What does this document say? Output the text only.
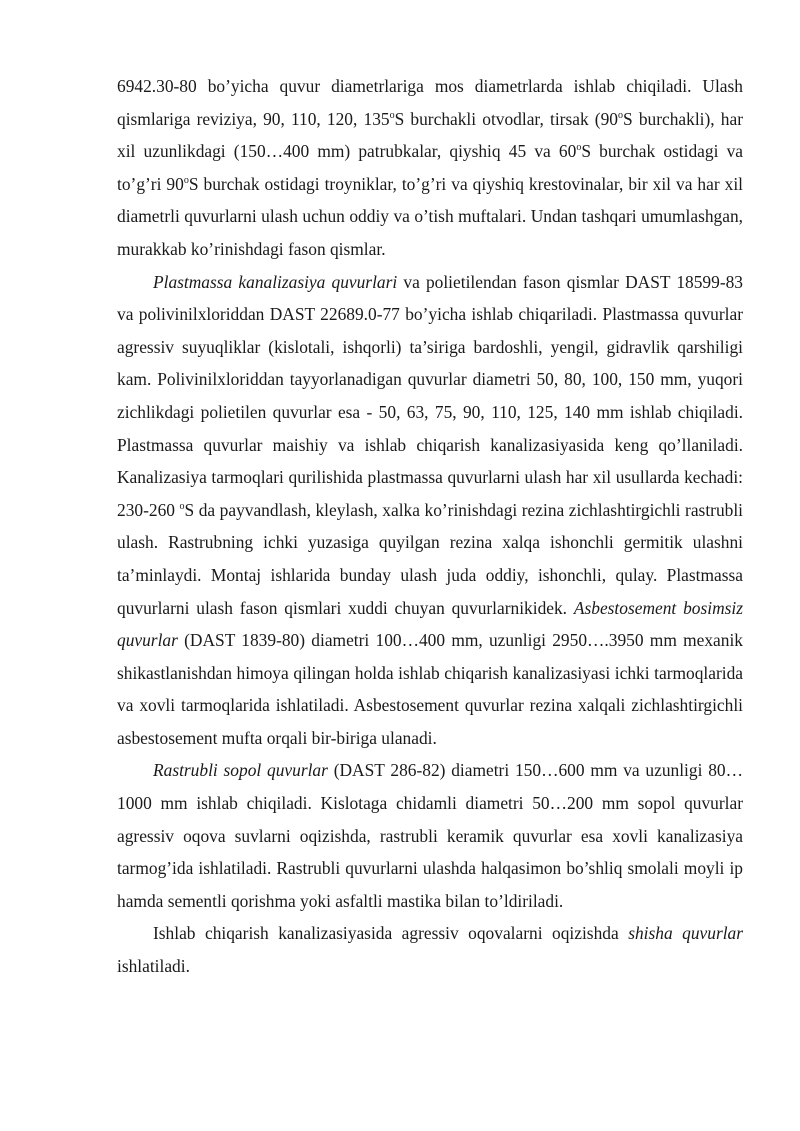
6942.30-80 bo’yicha quvur diametrlariga mos diametrlarda ishlab chiqiladi. Ulash qismlariga reviziya, 90, 110, 120, 135$^o$S burchakli otvodlar, tirsak (90$^o$S burchakli), har xil uzunlikdagi (150…400 mm) patrubkalar, qiyshiq 45 va 60$^o$S burchak ostidagi va to’g’ri 90$^o$S burchak ostidagi troyniklar, to’g’ri va qiyshiq krestovinalar, bir xil va har xil diametrli quvurlarni ulash uchun oddiy va o’tish muftalari. Undan tashqari umumlashgan, murakkab ko’rinishdagi fason qismlar.

Plastmassa kanalizasiya quvurlari va polietilendan fason qismlar DAST 18599-83 va polivinilxloriddan DAST 22689.0-77 bo’yicha ishlab chiqariladi. Plastmassa quvurlar agressiv suyuqliklar (kislotali, ishqorli) ta’siriga bardoshli, yengil, gidravlik qarshiligi kam. Polivinilxloriddan tayyorlanadigan quvurlar diametri 50, 80, 100, 150 mm, yuqori zichlikdagi polietilen quvurlar esa - 50, 63, 75, 90, 110, 125, 140 mm ishlab chiqiladi. Plastmassa quvurlar maishiy va ishlab chiqarish kanalizasiyasida keng qo’llaniladi. Kanalizasiya tarmoqlari qurilishida plastmassa quvurlarni ulash har xil usullarda kechadi: 230-260 $^o$S da payvandlash, kleylash, xalka ko’rinishdagi rezina zichlashtirgichli rastrubli ulash. Rastrubning ichki yuzasiga quyilgan rezina xalqa ishonchli germitik ulashni ta’minlaydi. Montaj ishlarida bunday ulash juda oddiy, ishonchli, qulay. Plastmassa quvurlarni ulash fason qismlari xuddi chuyan quvurlarnikidek. Asbestosement bosimsiz quvurlar (DAST 1839-80) diametri 100…400 mm, uzunligi 2950….3950 mm mexanik shikastlanishdan himoya qilingan holda ishlab chiqarish kanalizasiyasi ichki tarmoqlarida va xovli tarmoqlarida ishlatiladi. Asbestosement quvurlar rezina xalqali zichlashtirgichli asbestosement mufta orqali bir-biriga ulanadi.

Rastrubli sopol quvurlar (DAST 286-82) diametri 150…600 mm va uzunligi 80…1000 mm ishlab chiqiladi. Kislotaga chidamli diametri 50…200 mm sopol quvurlar agressiv oqova suvlarni oqizishda, rastrubli keramik quvurlar esa xovli kanalizasiya tarmog’ida ishlatiladi. Rastrubli quvurlarni ulashda halqasimon bo’shliq smolali moyli ip hamda sementli qorishma yoki asfaltli mastika bilan to’ldiriladi.

Ishlab chiqarish kanalizasiyasida agressiv oqovalarni oqizishda shisha quvurlar ishlatiladi.
